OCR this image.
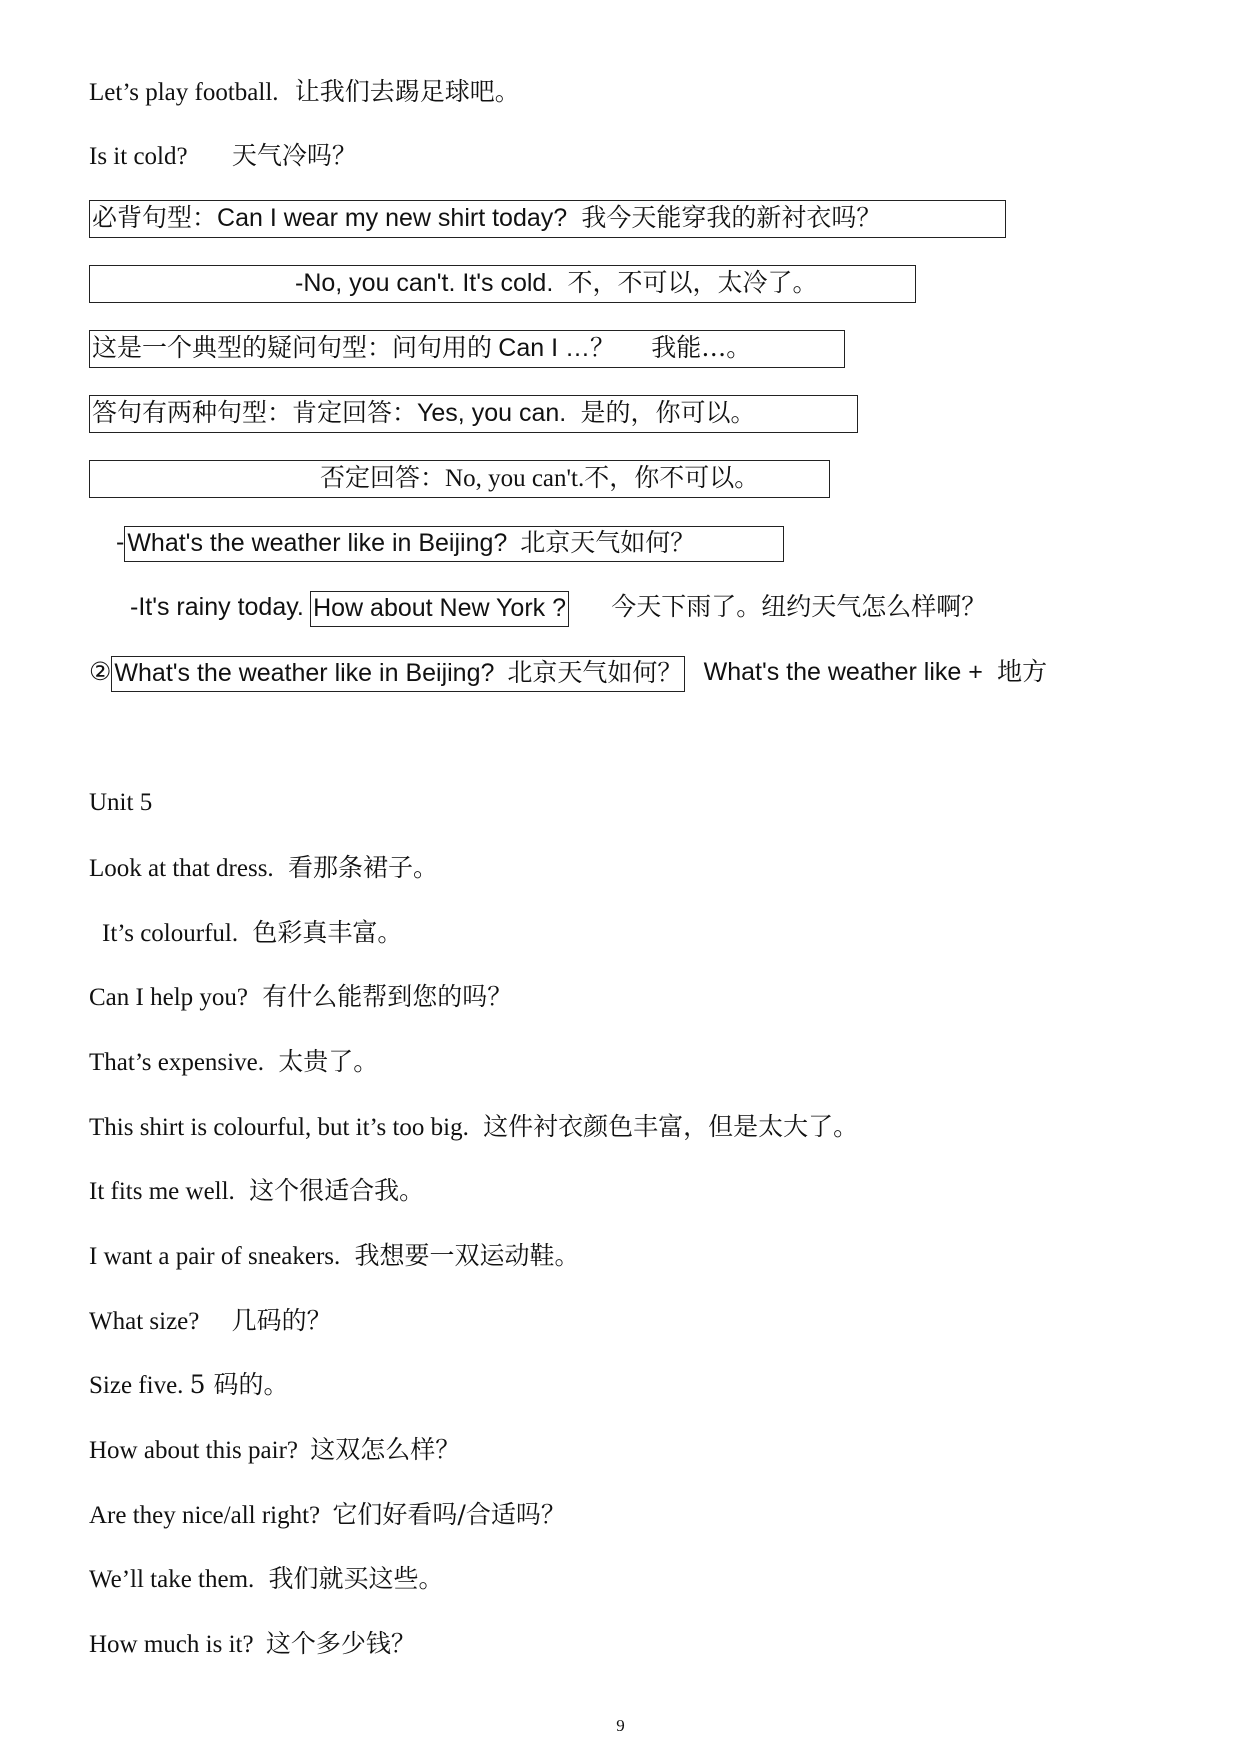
Let’s play football. 让我们去踢足球吧。
Is it cold? 天气冷吗？
必背句型：Can I wear my new shirt today? 我今天能穿我的新衬衣吗？
-No, you can't. It's cold. 不，不可以，太冷了。
这是一个典型的疑问句型：问句用的 Can I …？ 我能…。
答句有两种句型：肯定回答：Yes, you can. 是的，你可以。
否定回答：No, you can't.不，你不可以。
- What's the weather like in Beijing? 北京天气如何？
-It's rainy today. How about New York ? 今天下雨了。纽约天气怎么样啊？
② What's the weather like in Beijing? 北京天气如何？ What's the weather like + 地方
Unit 5
Look at that dress. 看那条裙子。
It’s colourful. 色彩真丰富。
Can I help you? 有什么能帮到您的吗？
That’s expensive. 太贵了。
This shirt is colourful, but it’s too big. 这件衬衣颜色丰富，但是太大了。
It fits me well. 这个很适合我。
I want a pair of sneakers. 我想要一双运动鞋。
What size? 几码的？
Size five. 5 码的。
How about this pair? 这双怎么样？
Are they nice/all right? 它们好看吗/合适吗？
We’ll take them. 我们就买这些。
How much is it? 这个多少钱？
9
